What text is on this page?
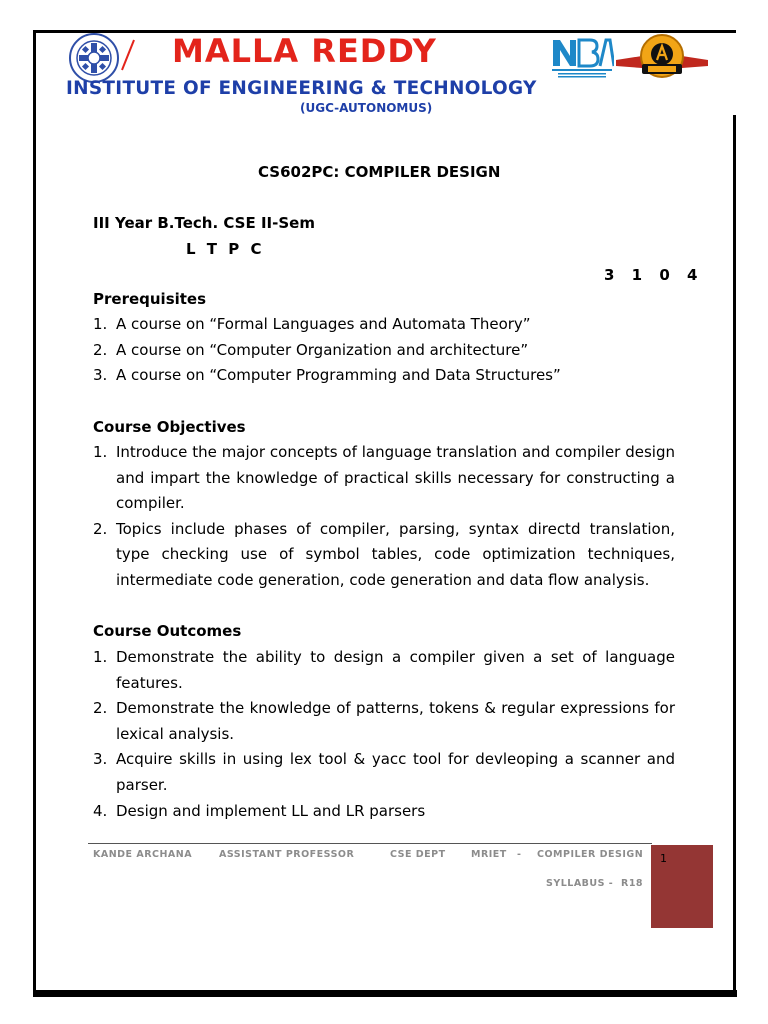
MALLA REDDY
INSTITUTE OF ENGINEERING & TECHNOLOGY
(UGC-AUTONOMUS)
CS602PC: COMPILER DESIGN
III Year B.Tech. CSE II-Sem
L T P C
3 1 0 4
Prerequisites
1. A course on “Formal Languages and Automata Theory”
2. A course on “Computer Organization and architecture”
3. A course on “Computer Programming and Data Structures”
Course Objectives
1. Introduce the major concepts of language translation and compiler design and impart the knowledge of practical skills necessary for constructing a compiler.
2. Topics include phases of compiler, parsing, syntax directd translation, type checking use of symbol tables, code optimization techniques, intermediate code generation, code generation and data flow analysis.
Course Outcomes
1. Demonstrate the ability to design a compiler given a set of language features.
2. Demonstrate the knowledge of patterns, tokens & regular expressions for lexical analysis.
3. Acquire skills in using lex tool & yacc tool for devleoping a scanner and parser.
4. Design and implement LL and LR parsers
KANDE ARCHANA	ASSISTANT PROFESSOR	CSE DEPT	MRIET - COMPILER DESIGN
SYLLABUS - R18
1
